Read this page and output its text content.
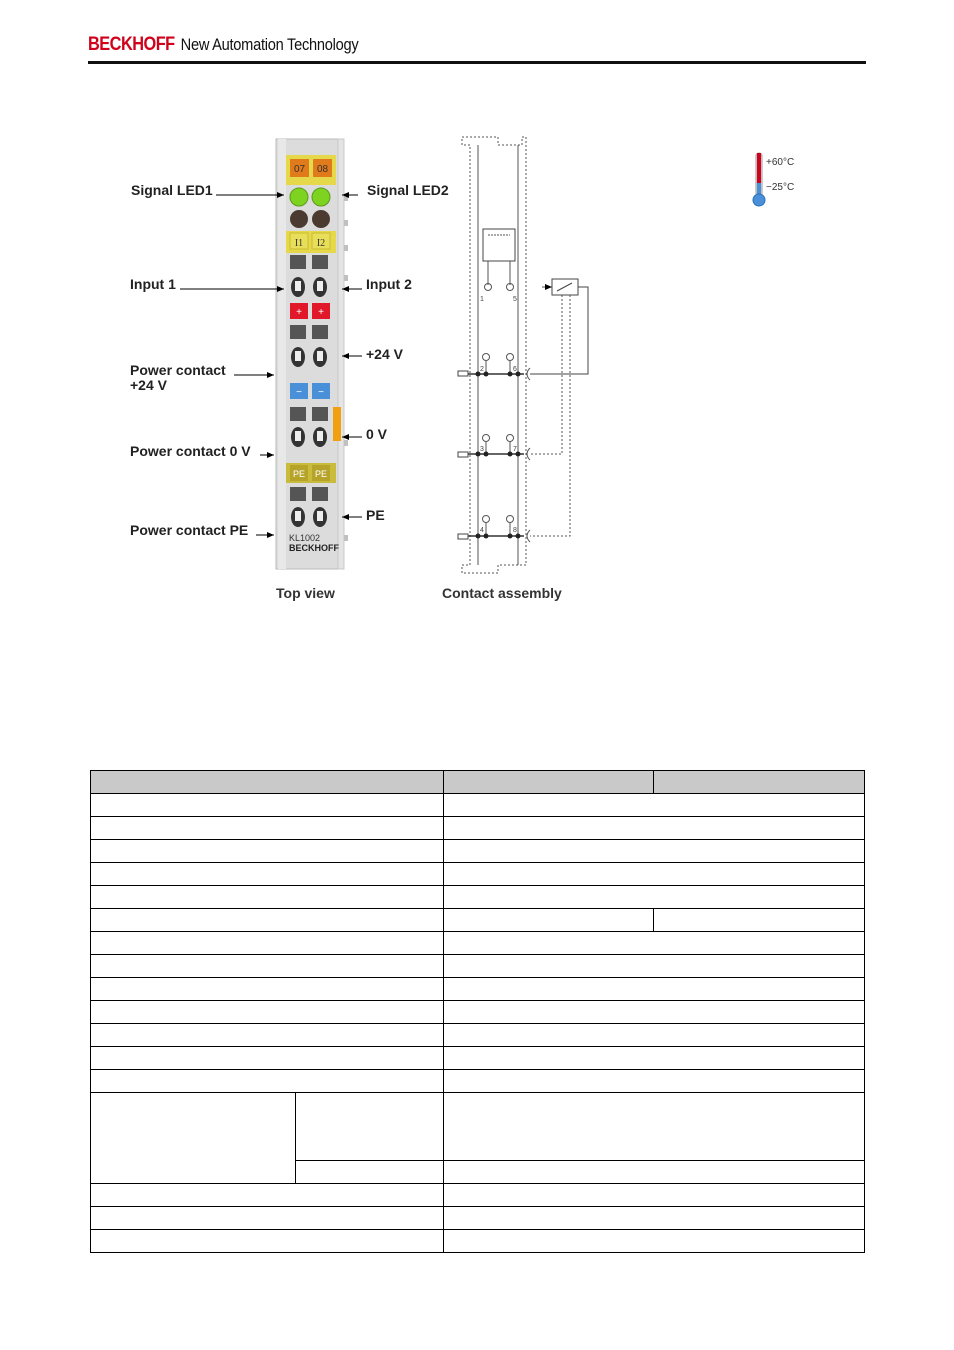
BECKHOFF New Automation Technology
07 08
I1 I2
+ +
− −
PE PE
KL1002
BECKHOFF
1	5
2	6
3	7
4	8
+60°C
−25°C
Signal LED1	Signal LED2
Input 1	Input 2
+24 V
Power contact
+24 V
0 V
Power contact 0 V
PE
Power contact PE
Top view	Contact assembly
